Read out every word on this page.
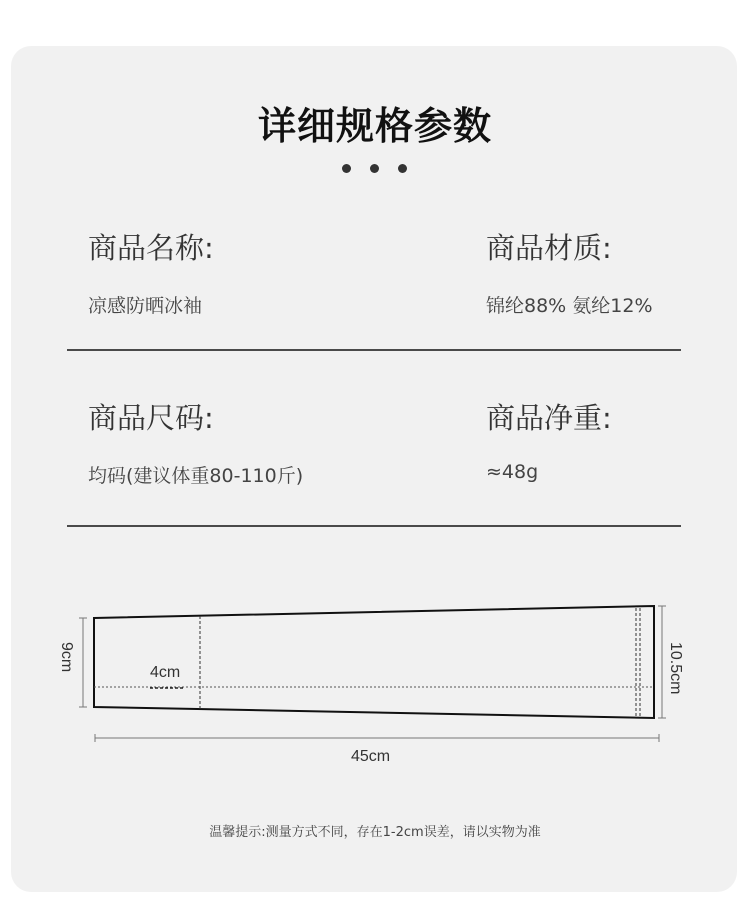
详细规格参数
商品名称:
凉感防晒冰袖
商品材质:
锦纶88% 氨纶12%
商品尺码:
均码(建议体重80-110斤)
商品净重:
≈48g
4cm
9cm	10.5cm
45cm
温馨提示:测量方式不同，存在1-2cm误差，请以实物为准
